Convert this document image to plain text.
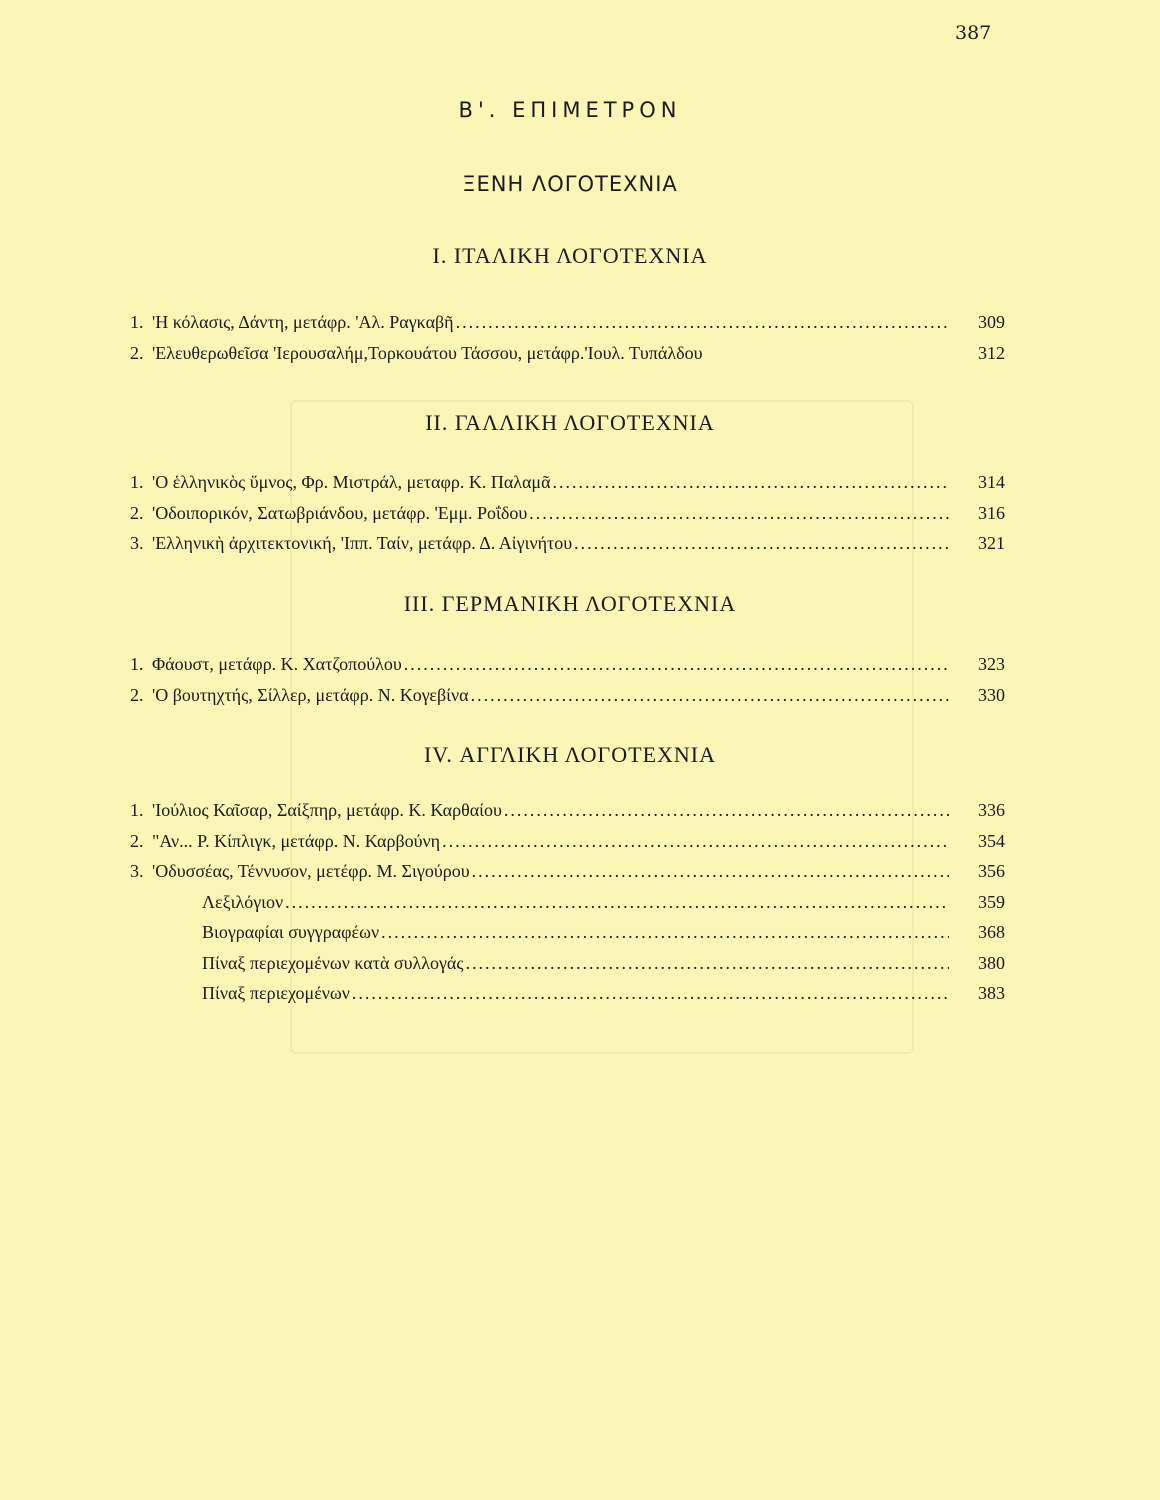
387
Β'. ΕΠΙΜΕΤΡΟΝ
ΞΕΝΗ ΛΟΓΟΤΕΧΝΙΑ
I. ΙΤΑΛΙΚΗ ΛΟΓΟΤΕΧΝΙΑ
1. 'Η κόλασις, Δάντη, μετάφρ. 'Αλ. Ραγκαβῆ .....	309
2. 'Ελευθερωθεῖσα 'Ιερουσαλήμ,Τορκουάτου Τάσσου, μετάφρ.'Ιουλ. Τυπάλδου	312
II. ΓΑΛΛΙΚΗ ΛΟΓΟΤΕΧΝΙΑ
1. 'Ο ἑλληνικὸς ὕμνος, Φρ. Μιστράλ, μεταφρ. Κ. Παλαμᾶ .....	314
2. 'Οδοιπορικόν, Σατωβριάνδου, μετάφρ. 'Εμμ. Ροΐδου .....	316
3. 'Ελληνικὴ ἀρχιτεκτονική, 'Ιππ. Ταίν, μετάφρ. Δ. Αἰγινήτου .....	321
III. ΓΕΡΜΑΝΙΚΗ ΛΟΓΟΤΕΧΝΙΑ
1. Φάουστ, μετάφρ. Κ. Χατζοπούλου .....	323
2. 'Ο βουτηχτής, Σίλλερ, μετάφρ. Ν. Κογεβίνα .....	330
IV. ΑΓΓΛΙΚΗ ΛΟΓΟΤΕΧΝΙΑ
1. 'Ιούλιος Καῖσαρ, Σαίξπηρ, μετάφρ. Κ. Καρθαίου .....	336
2. "Αν... Ρ. Κίπλιγκ, μετάφρ. Ν. Καρβούνη .....	354
3. 'Οδυσσέας, Τέννυσον, μετέφρ. Μ. Σιγούρου .....	356
Λεξιλόγιον .....	359
Βιογραφίαι συγγραφέων .....	368
Πίναξ περιεχομένων κατὰ συλλογάς .....	380
Πίναξ περιεχομένων .....	383
